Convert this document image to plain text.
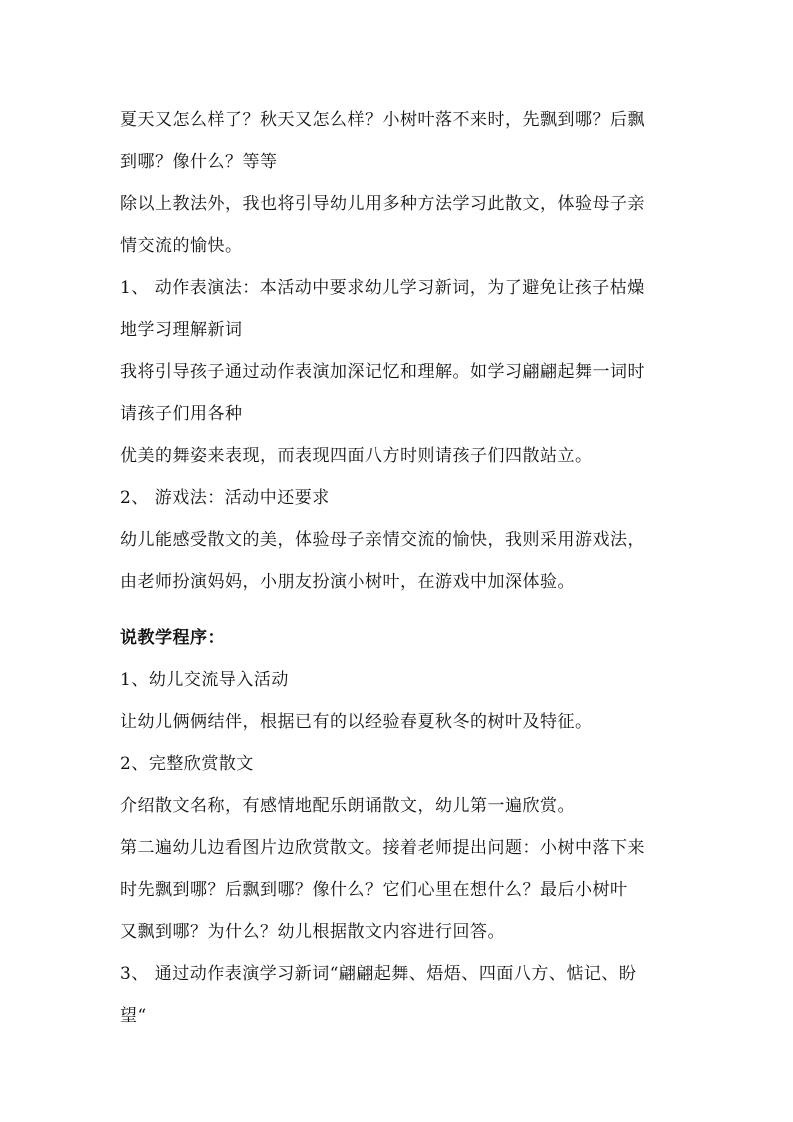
夏天又怎么样了？秋天又怎么样？小树叶落不来时，先飘到哪？后飘
到哪？像什么？等等
除以上教法外，我也将引导幼儿用多种方法学习此散文，体验母子亲
情交流的愉快。
1、 动作表演法：本活动中要求幼儿学习新词，为了避免让孩子枯燥
地学习理解新词
我将引导孩子通过动作表演加深记忆和理解。如学习翩翩起舞一词时
请孩子们用各种
优美的舞姿来表现，而表现四面八方时则请孩子们四散站立。
2、 游戏法：活动中还要求
幼儿能感受散文的美，体验母子亲情交流的愉快，我则采用游戏法，
由老师扮演妈妈，小朋友扮演小树叶，在游戏中加深体验。
说教学程序：
1、幼儿交流导入活动
让幼儿俩俩结伴，根据已有的以经验春夏秋冬的树叶及特征。
2、完整欣赏散文
介绍散文名称，有感情地配乐朗诵散文，幼儿第一遍欣赏。
第二遍幼儿边看图片边欣赏散文。接着老师提出问题：小树中落下来
时先飘到哪？后飘到哪？像什么？它们心里在想什么？最后小树叶
又飘到哪？为什么？幼儿根据散文内容进行回答。
3、 通过动作表演学习新词“翩翩起舞、焐焐、四面八方、惦记、盼
望“
